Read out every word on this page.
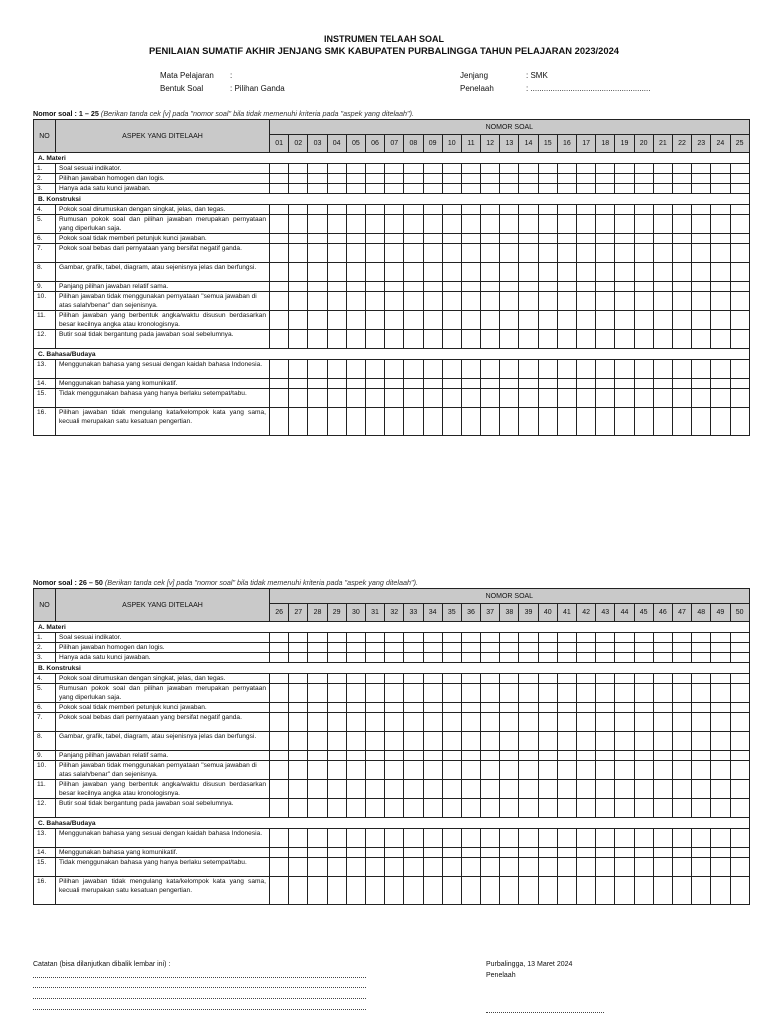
INSTRUMEN TELAAH SOAL
PENILAIAN SUMATIF AKHIR JENJANG SMK KABUPATEN PURBALINGGA TAHUN PELAJARAN 2023/2024
Mata Pelajaran :
Bentuk Soal	: Pilihan Ganda
Jenjang	: SMK
Penelaah	: ......................................................
Nomor soal : 1 – 25 (Berikan tanda cek [v] pada "nomor soal" bila tidak memenuhi kriteria pada "aspek yang ditelaah").
NO	ASPEK YANG DITELAAH	NOMOR SOAL																								
		01	02	03	04	05	06	07	08	09	10	11	12	13	14	15	16	17	18	19	20	21	22	23	24	25
A. Materi																										
1.	Soal sesuai indikator.																									
2.	Pilihan jawaban homogen dan logis.																									
3.	Hanya ada satu kunci jawaban.																									
B. Konstruksi																										
4.	Pokok soal dirumuskan dengan singkat, jelas, dan tegas.																									
5.	Rumusan pokok soal dan pilihan jawaban merupakan pernyataan yang diperlukan saja.																									
6.	Pokok soal tidak memberi petunjuk kunci jawaban.																									
7.	Pokok soal bebas dari pernyataan yang bersifat negatif ganda.																									
8.	Gambar, grafik, tabel, diagram, atau sejenisnya jelas dan berfungsi.																									
9.	Panjang pilihan jawaban relatif sama.																									
10.	Pilihan jawaban tidak menggunakan pernyataan "semua jawaban di atas salah/benar" dan sejenisnya.																									
11.	Pilihan jawaban yang berbentuk angka/waktu disusun berdasarkan besar kecilnya angka atau kronologisnya.																									
12.	Butir soal tidak bergantung pada jawaban soal sebelumnya.																									
C. Bahasa/Budaya																										
13.	Menggunakan bahasa yang sesuai dengan kaidah bahasa Indonesia.																									
14.	Menggunakan bahasa yang komunikatif.																									
15.	Tidak menggunakan bahasa yang hanya berlaku setempat/tabu.																									
16.	Pilihan jawaban tidak mengulang kata/kelompok kata yang sama, kecuali merupakan satu kesatuan pengertian.																									
Nomor soal : 26 – 50 (Berikan tanda cek [v] pada "nomor soal" bila tidak memenuhi kriteria pada "aspek yang ditelaah").
NO	ASPEK YANG DITELAAH	NOMOR SOAL																								
		26	27	28	29	30	31	32	33	34	35	36	37	38	39	40	41	42	43	44	45	46	47	48	49	50
A. Materi																										
1.	Soal sesuai indikator.																									
2.	Pilihan jawaban homogen dan logis.																									
3.	Hanya ada satu kunci jawaban.																									
B. Konstruksi																										
4.	Pokok soal dirumuskan dengan singkat, jelas, dan tegas.																									
5.	Rumusan pokok soal dan pilihan jawaban merupakan pernyataan yang diperlukan saja.																									
6.	Pokok soal tidak memberi petunjuk kunci jawaban.																									
7.	Pokok soal bebas dari pernyataan yang bersifat negatif ganda.																									
8.	Gambar, grafik, tabel, diagram, atau sejenisnya jelas dan berfungsi.																									
9.	Panjang pilihan jawaban relatif sama.																									
10.	Pilihan jawaban tidak menggunakan pernyataan "semua jawaban di atas salah/benar" dan sejenisnya.																									
11.	Pilihan jawaban yang berbentuk angka/waktu disusun berdasarkan besar kecilnya angka atau kronologisnya.																									
12.	Butir soal tidak bergantung pada jawaban soal sebelumnya.																									
C. Bahasa/Budaya																										
13.	Menggunakan bahasa yang sesuai dengan kaidah bahasa Indonesia.																									
14.	Menggunakan bahasa yang komunikatif.																									
15.	Tidak menggunakan bahasa yang hanya berlaku setempat/tabu.																									
16.	Pilihan jawaban tidak mengulang kata/kelompok kata yang sama, kecuali merupakan satu kesatuan pengertian.																									
Catatan (bisa dilanjutkan dibalik lembar ini) :	Purbalingga, 13 Maret 2024
Penelaah
